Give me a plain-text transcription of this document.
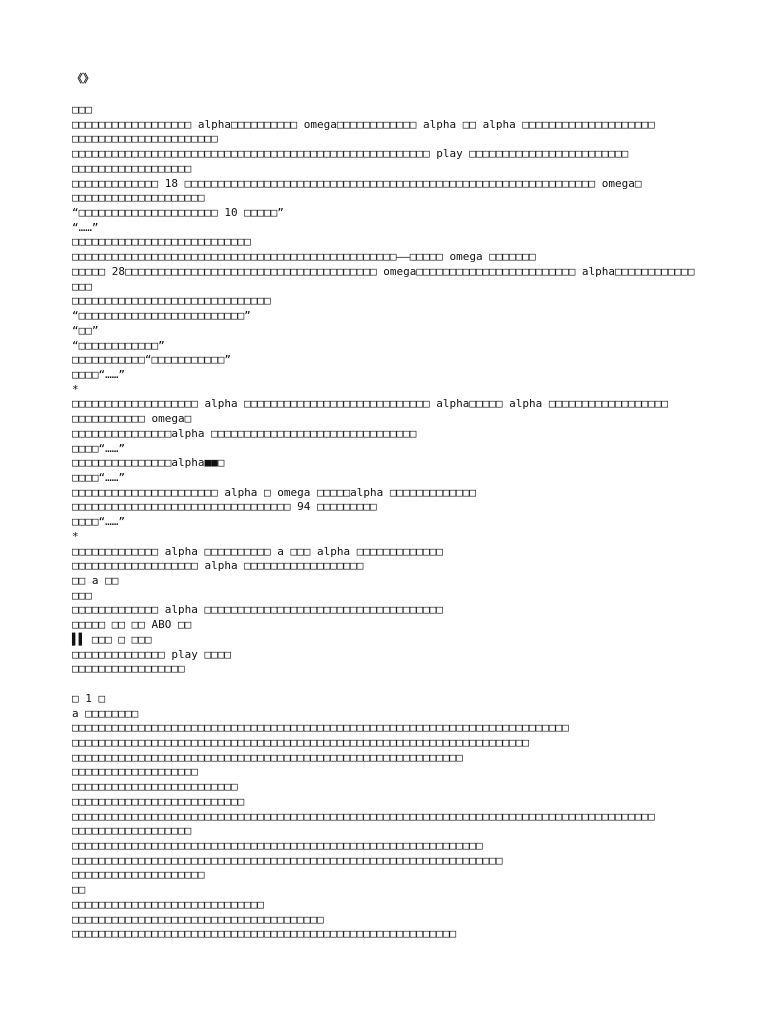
《》
□□□
□□□□□□□□□□□□□□□□□□ alpha□□□□□□□□□□ omega□□□□□□□□□□□□ alpha □□ alpha □□□□□□□□□□□□□□□□□□□□
□□□□□□□□□□□□□□□□□□□□□□
□□□□□□□□□□□□□□□□□□□□□□□□□□□□□□□□□□□□□□□□□□□□□□□□□□□□□□ play □□□□□□□□□□□□□□□□□□□□□□□□
□□□□□□□□□□□□□□□□□□
□□□□□□□□□□□□□ 18 □□□□□□□□□□□□□□□□□□□□□□□□□□□□□□□□□□□□□□□□□□□□□□□□□□□□□□□□□□□□□□ omega□
□□□□□□□□□□□□□□□□□□□□
“□□□□□□□□□□□□□□□□□□□□□ 10 □□□□□”
“……”
□□□□□□□□□□□□□□□□□□□□□□□□□□□
□□□□□□□□□□□□□□□□□□□□□□□□□□□□□□□□□□□□□□□□□□□□□□□□□——□□□□□ omega □□□□□□□
□□□□□ 28□□□□□□□□□□□□□□□□□□□□□□□□□□□□□□□□□□□□□□ omega□□□□□□□□□□□□□□□□□□□□□□□□ alpha□□□□□□□□□□□□
□□□
□□□□□□□□□□□□□□□□□□□□□□□□□□□□□□
“□□□□□□□□□□□□□□□□□□□□□□□□□”
“□□”
“□□□□□□□□□□□□”
□□□□□□□□□□□“□□□□□□□□□□□”
□□□□“……”
*
□□□□□□□□□□□□□□□□□□□ alpha □□□□□□□□□□□□□□□□□□□□□□□□□□□□ alpha□□□□□ alpha □□□□□□□□□□□□□□□□□□
□□□□□□□□□□□ omega□
□□□□□□□□□□□□□□□alpha □□□□□□□□□□□□□□□□□□□□□□□□□□□□□□□
□□□□“……”
□□□□□□□□□□□□□□□alpha■■□
□□□□“……”
□□□□□□□□□□□□□□□□□□□□□□ alpha □ omega □□□□□alpha □□□□□□□□□□□□□
□□□□□□□□□□□□□□□□□□□□□□□□□□□□□□□□□ 94 □□□□□□□□□
□□□□“……”
*
□□□□□□□□□□□□□ alpha □□□□□□□□□□ a □□□ alpha □□□□□□□□□□□□□
□□□□□□□□□□□□□□□□□□□ alpha □□□□□□□□□□□□□□□□□□
□□ a □□
□□□
□□□□□□□□□□□□□ alpha □□□□□□□□□□□□□□□□□□□□□□□□□□□□□□□□□□□□
□□□□□ □□ □□ ABO □□
▌▌ □□□ □ □□□
□□□□□□□□□□□□□□ play □□□□
□□□□□□□□□□□□□□□□□
□ 1 □
a □□□□□□□□
□□□□□□□□□□□□□□□□□□□□□□□□□□□□□□□□□□□□□□□□□□□□□□□□□□□□□□□□□□□□□□□□□□□□□□□□□□□
□□□□□□□□□□□□□□□□□□□□□□□□□□□□□□□□□□□□□□□□□□□□□□□□□□□□□□□□□□□□□□□□□□□□□
□□□□□□□□□□□□□□□□□□□□□□□□□□□□□□□□□□□□□□□□□□□□□□□□□□□□□□□□□□□
□□□□□□□□□□□□□□□□□□□
□□□□□□□□□□□□□□□□□□□□□□□□□
□□□□□□□□□□□□□□□□□□□□□□□□□□
□□□□□□□□□□□□□□□□□□□□□□□□□□□□□□□□□□□□□□□□□□□□□□□□□□□□□□□□□□□□□□□□□□□□□□□□□□□□□□□□□□□□□□□□
□□□□□□□□□□□□□□□□□□
□□□□□□□□□□□□□□□□□□□□□□□□□□□□□□□□□□□□□□□□□□□□□□□□□□□□□□□□□□□□□□
□□□□□□□□□□□□□□□□□□□□□□□□□□□□□□□□□□□□□□□□□□□□□□□□□□□□□□□□□□□□□□□□□
□□□□□□□□□□□□□□□□□□□□
□□
□□□□□□□□□□□□□□□□□□□□□□□□□□□□□
□□□□□□□□□□□□□□□□□□□□□□□□□□□□□□□□□□□□□□
□□□□□□□□□□□□□□□□□□□□□□□□□□□□□□□□□□□□□□□□□□□□□□□□□□□□□□□□□□
